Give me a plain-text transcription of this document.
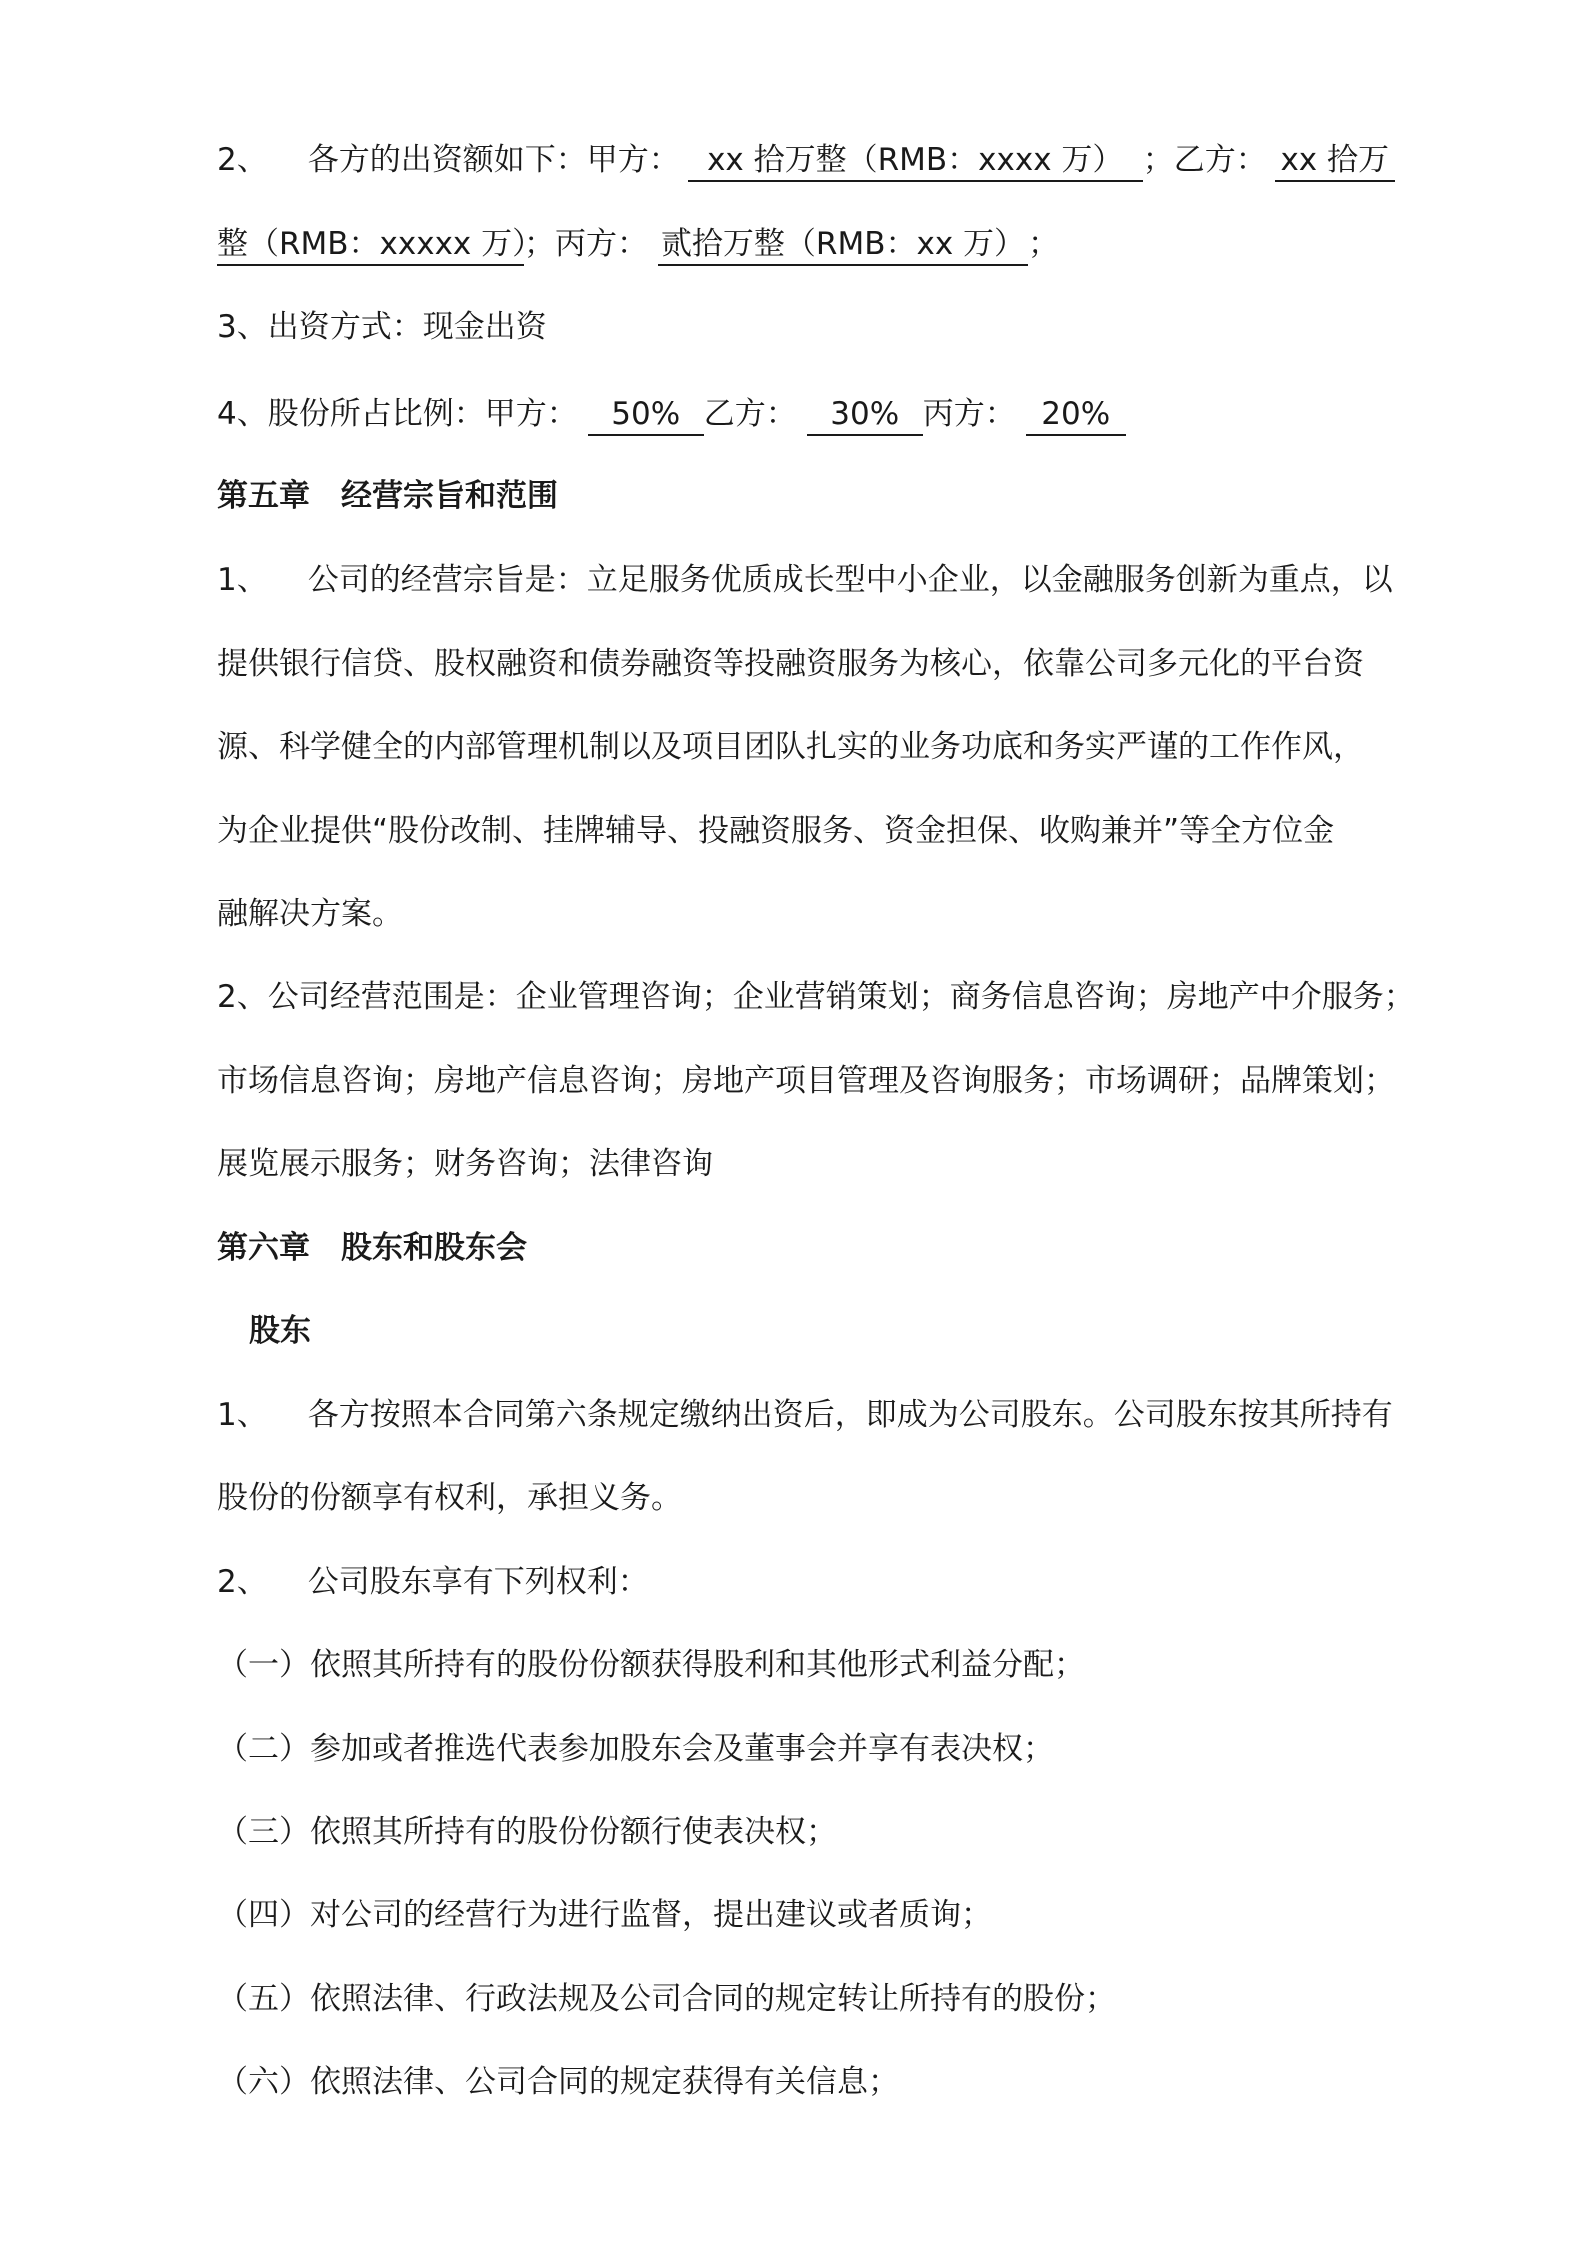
2、 各方的出资额如下：甲方： xx 拾万整（RMB：xxxx 万） ；乙方： xx 拾万
整（RMB：xxxxx 万）；丙方： 贰拾万整（RMB：xx 万）；
3、出资方式：现金出资
4、股份所占比例：甲方： 50% 乙方： 30% 丙方： 20%
第五章　经营宗旨和范围
1、 公司的经营宗旨是：立足服务优质成长型中小企业，以金融服务创新为重点，以
提供银行信贷、股权融资和债券融资等投融资服务为核心，依靠公司多元化的平台资
源、科学健全的内部管理机制以及项目团队扎实的业务功底和务实严谨的工作作风，
为企业提供“股份改制、挂牌辅导、投融资服务、资金担保、收购兼并”等全方位金
融解决方案。
2、公司经营范围是：企业管理咨询；企业营销策划；商务信息咨询；房地产中介服务；
市场信息咨询；房地产信息咨询；房地产项目管理及咨询服务；市场调研；品牌策划；
展览展示服务；财务咨询；法律咨询
第六章　股东和股东会
股东
1、 各方按照本合同第六条规定缴纳出资后，即成为公司股东。公司股东按其所持有
股份的份额享有权利，承担义务。
2、 公司股东享有下列权利：
（一）依照其所持有的股份份额获得股利和其他形式利益分配；
（二）参加或者推选代表参加股东会及董事会并享有表决权；
（三）依照其所持有的股份份额行使表决权；
（四）对公司的经营行为进行监督，提出建议或者质询；
（五）依照法律、行政法规及公司合同的规定转让所持有的股份；
（六）依照法律、公司合同的规定获得有关信息；
